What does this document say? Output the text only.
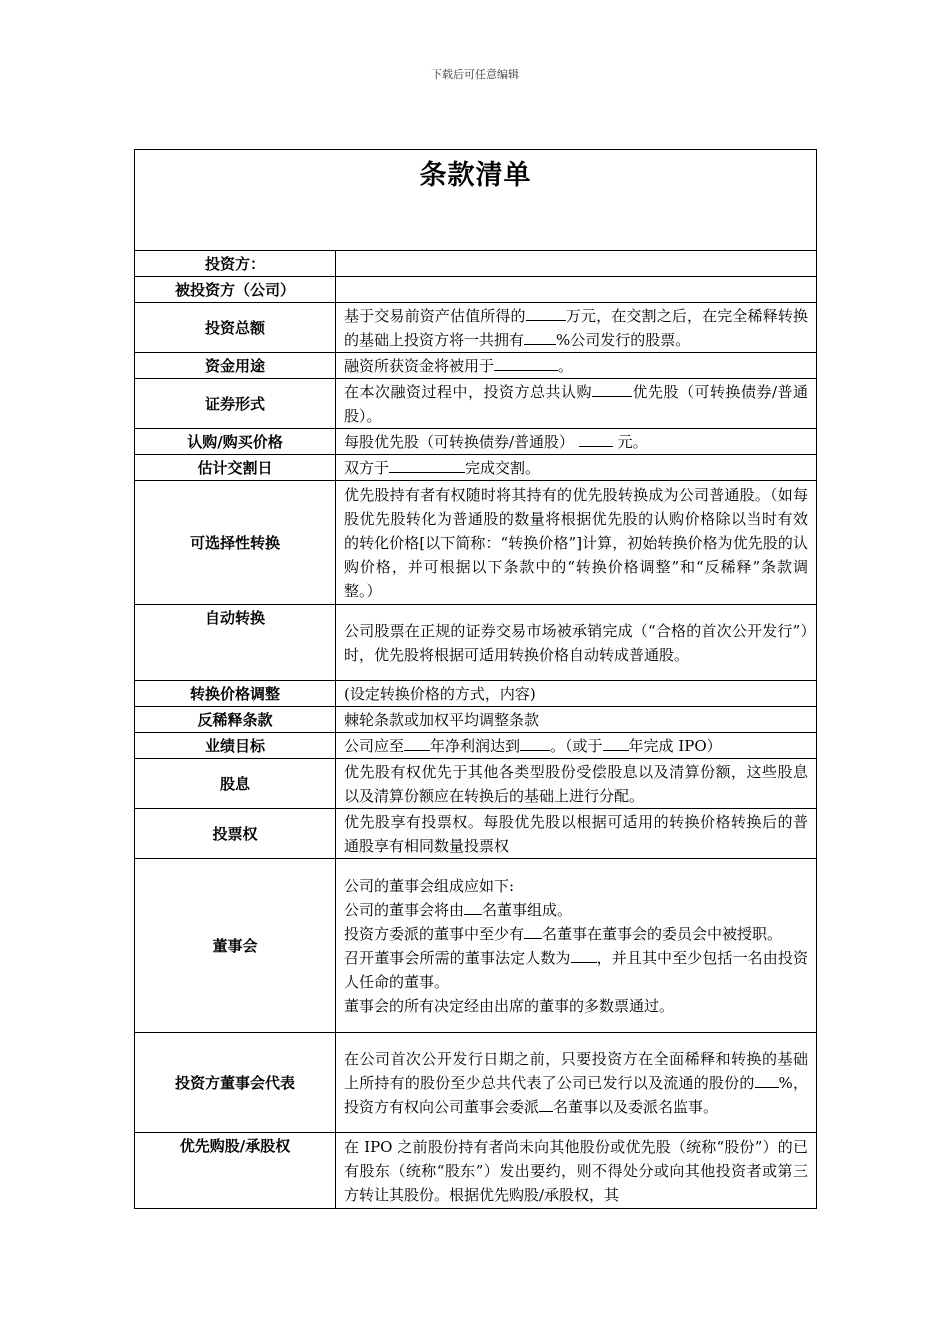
下载后可任意编辑
条款清单	

投资方：	
被投资方（公司）	
投资总额	基于交易前资产估值所得的 万元，在交割之后，在完全稀释转换的基础上投资方将一共拥有 %公司发行的股票。
资金用途	融资所获资金将被用于 。
证券形式	在本次融资过程中，投资方总共认购 优先股（可转换债券/普通股）。
认购/购买价格	每股优先股（可转换债券/普通股） 元。
估计交割日	双方于 完成交割。
可选择性转换	优先股持有者有权随时将其持有的优先股转换成为公司普通股。（如每股优先股转化为普通股的数量将根据优先股的认购价格除以当时有效的转化价格[以下简称：“转换价格”]计算，初始转换价格为优先股的认购价格，并可根据以下条款中的“转换价格调整”和“反稀释”条款调整。）
自动转换	公司股票在正规的证券交易市场被承销完成（“合格的首次公开发行”）时，优先股将根据可适用转换价格自动转成普通股。
转换价格调整	(设定转换价格的方式，内容)
反稀释条款	棘轮条款或加权平均调整条款
业绩目标	公司应至 年净利润达到 。（或于 年完成 IPO）
股息	优先股有权优先于其他各类型股份受偿股息以及清算份额，这些股息以及清算份额应在转换后的基础上进行分配。
投票权	优先股享有投票权。每股优先股以根据可适用的转换价格转换后的普通股享有相同数量投票权
董事会	公司的董事会组成应如下:

公司的董事会将由 名董事组成。

投资方委派的董事中至少有 名董事在董事会的委员会中被授职。

召开董事会所需的董事法定人数为 ，并且其中至少包括一名由投资人任命的董事。

董事会的所有决定经由出席的董事的多数票通过。

投资方董事会代表	在公司首次公开发行日期之前，只要投资方在全面稀释和转换的基础上所持有的股份至少总共代表了公司已发行以及流通的股份的 %，投资方有权向公司董事会委派 名董事以及委派名监事。
优先购股/承股权	在 IPO 之前股份持有者尚未向其他股份或优先股（统称“股份”）的已有股东（统称“股东”）发出要约，则不得处分或向其他投资者或第三方转让其股份。根据优先购股/承股权，其
